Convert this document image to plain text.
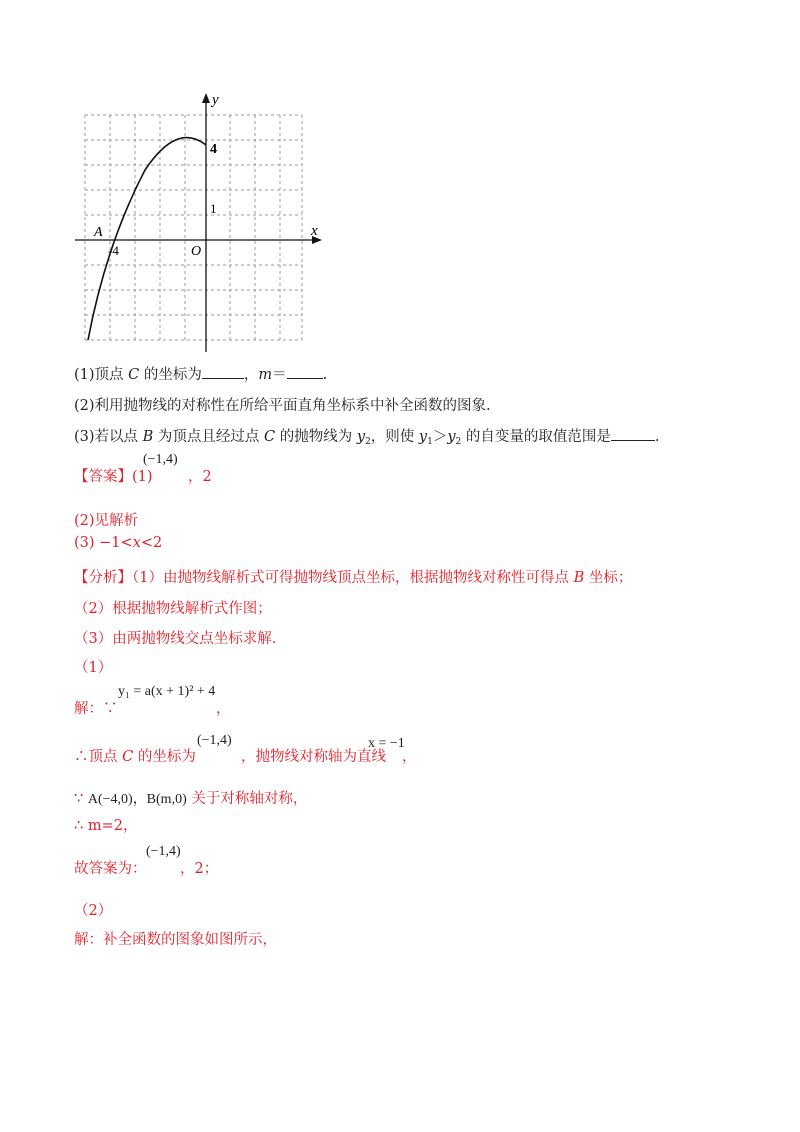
y
x
4
1
-4
A
O
(1)顶点 C 的坐标为	，m＝ .
(2)利用抛物线的对称性在所给平面直角坐标系中补全函数的图象.
(3)若以点 B 为顶点且经过点 C 的抛物线为 $y_2$，则使 $y_1>y_2$ 的自变量的取值范围是	.
【答案】(1)
(−1,4)
，2
(2)见解析
(3) −1<x<2
【分析】（1）由抛物线解析式可得抛物线顶点坐标，根据抛物线对称性可得点 B 坐标；
（2）根据抛物线解析式作图；
（3）由两抛物线交点坐标求解.
（1）
解：∵
y₁ = a(x + 1)² + 4
，
∴顶点 C 的坐标为
(−1,4)
，抛物线对称轴为直线
x = −1
，
∵ A(−4,0)，B(m,0) 关于对称轴对称，
∴ m=2，
故答案为：
(−1,4)
，2；
（2）
解：补全函数的图象如图所示，
